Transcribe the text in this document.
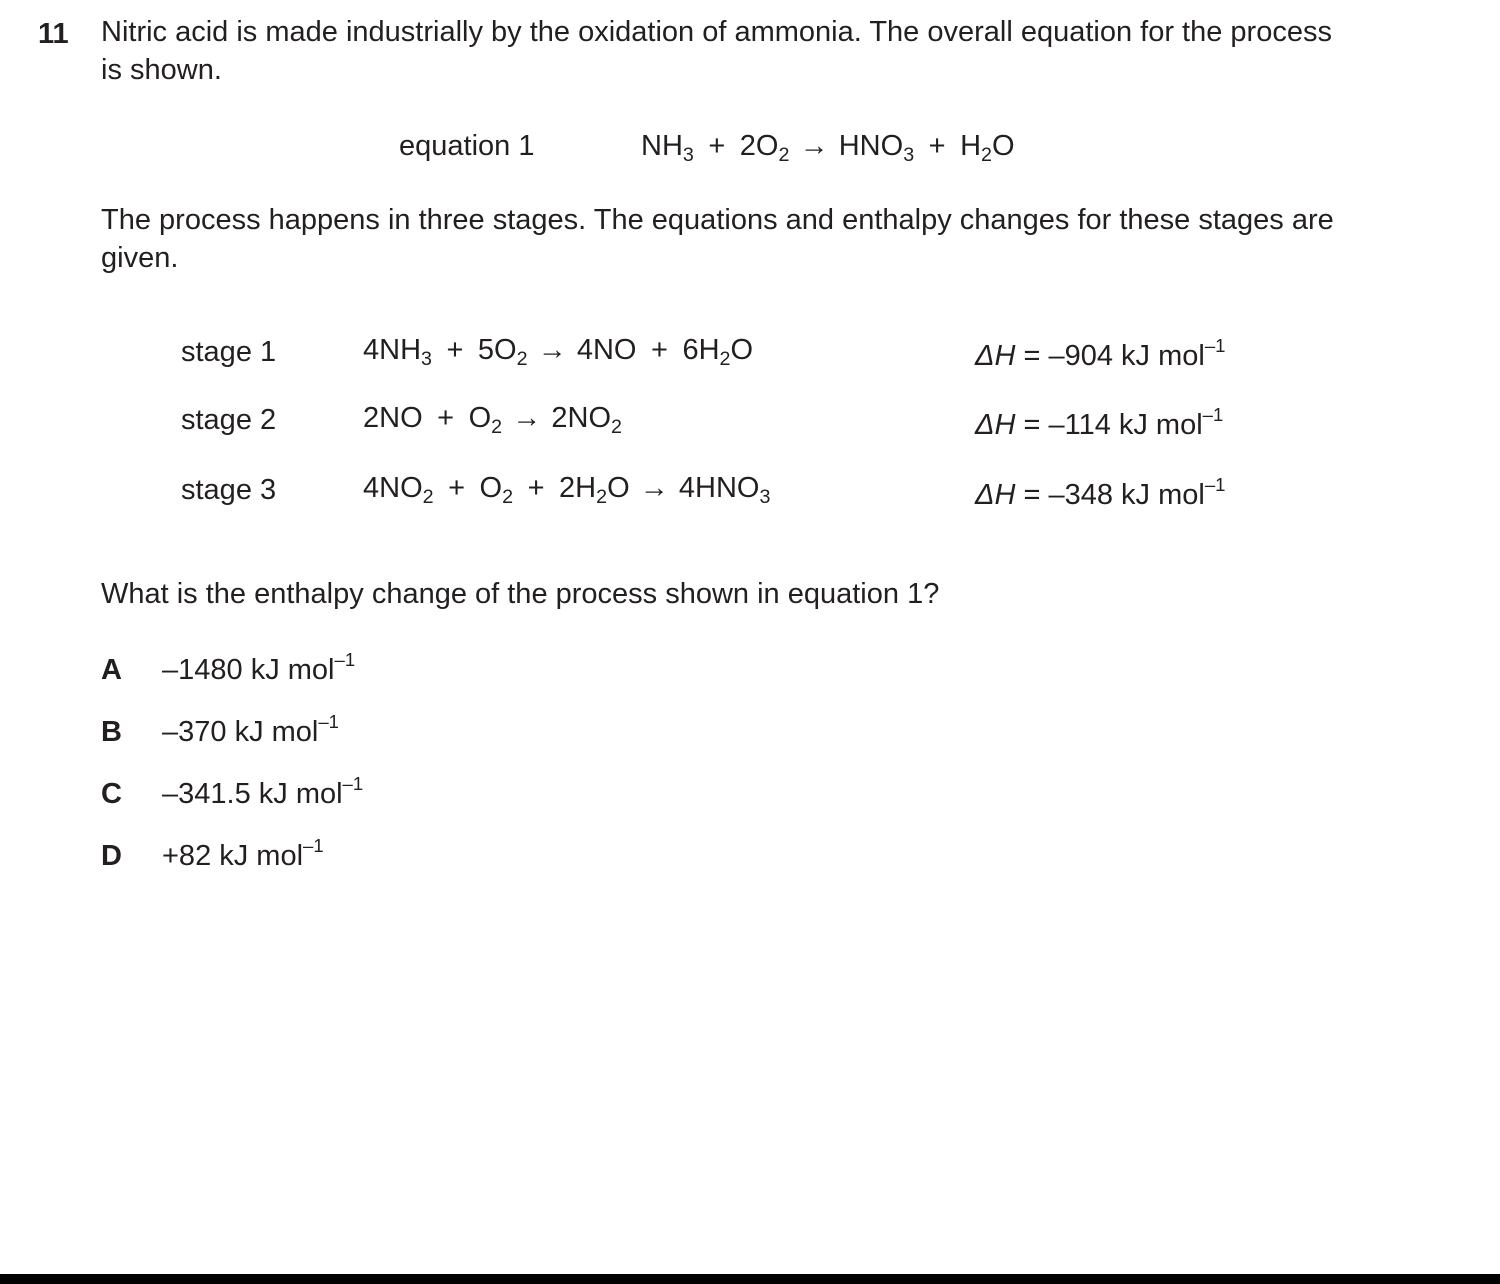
11 Nitric acid is made industrially by the oxidation of ammonia. The overall equation for the process
is shown.
equation 1	$NH_3 + 2O_2 \to HNO_3 + H_2O$
The process happens in three stages. The equations and enthalpy changes for these stages are
given.
stage 1	$4NH_3 + 5O_2 \to 4NO + 6H_2O$	ΔH = –904 kJ mol$^{-1}$
stage 2	$2NO + O_2 \to 2NO_2$	ΔH = –114 kJ mol$^{-1}$
stage 3	$4NO_2 + O_2 + 2H_2O \to 4HNO_3$	ΔH = –348 kJ mol$^{-1}$
What is the enthalpy change of the process shown in equation 1?
A –1480 kJ mol$^{-1}$
B –370 kJ mol$^{-1}$
C –341.5 kJ mol$^{-1}$
D +82 kJ mol$^{-1}$
